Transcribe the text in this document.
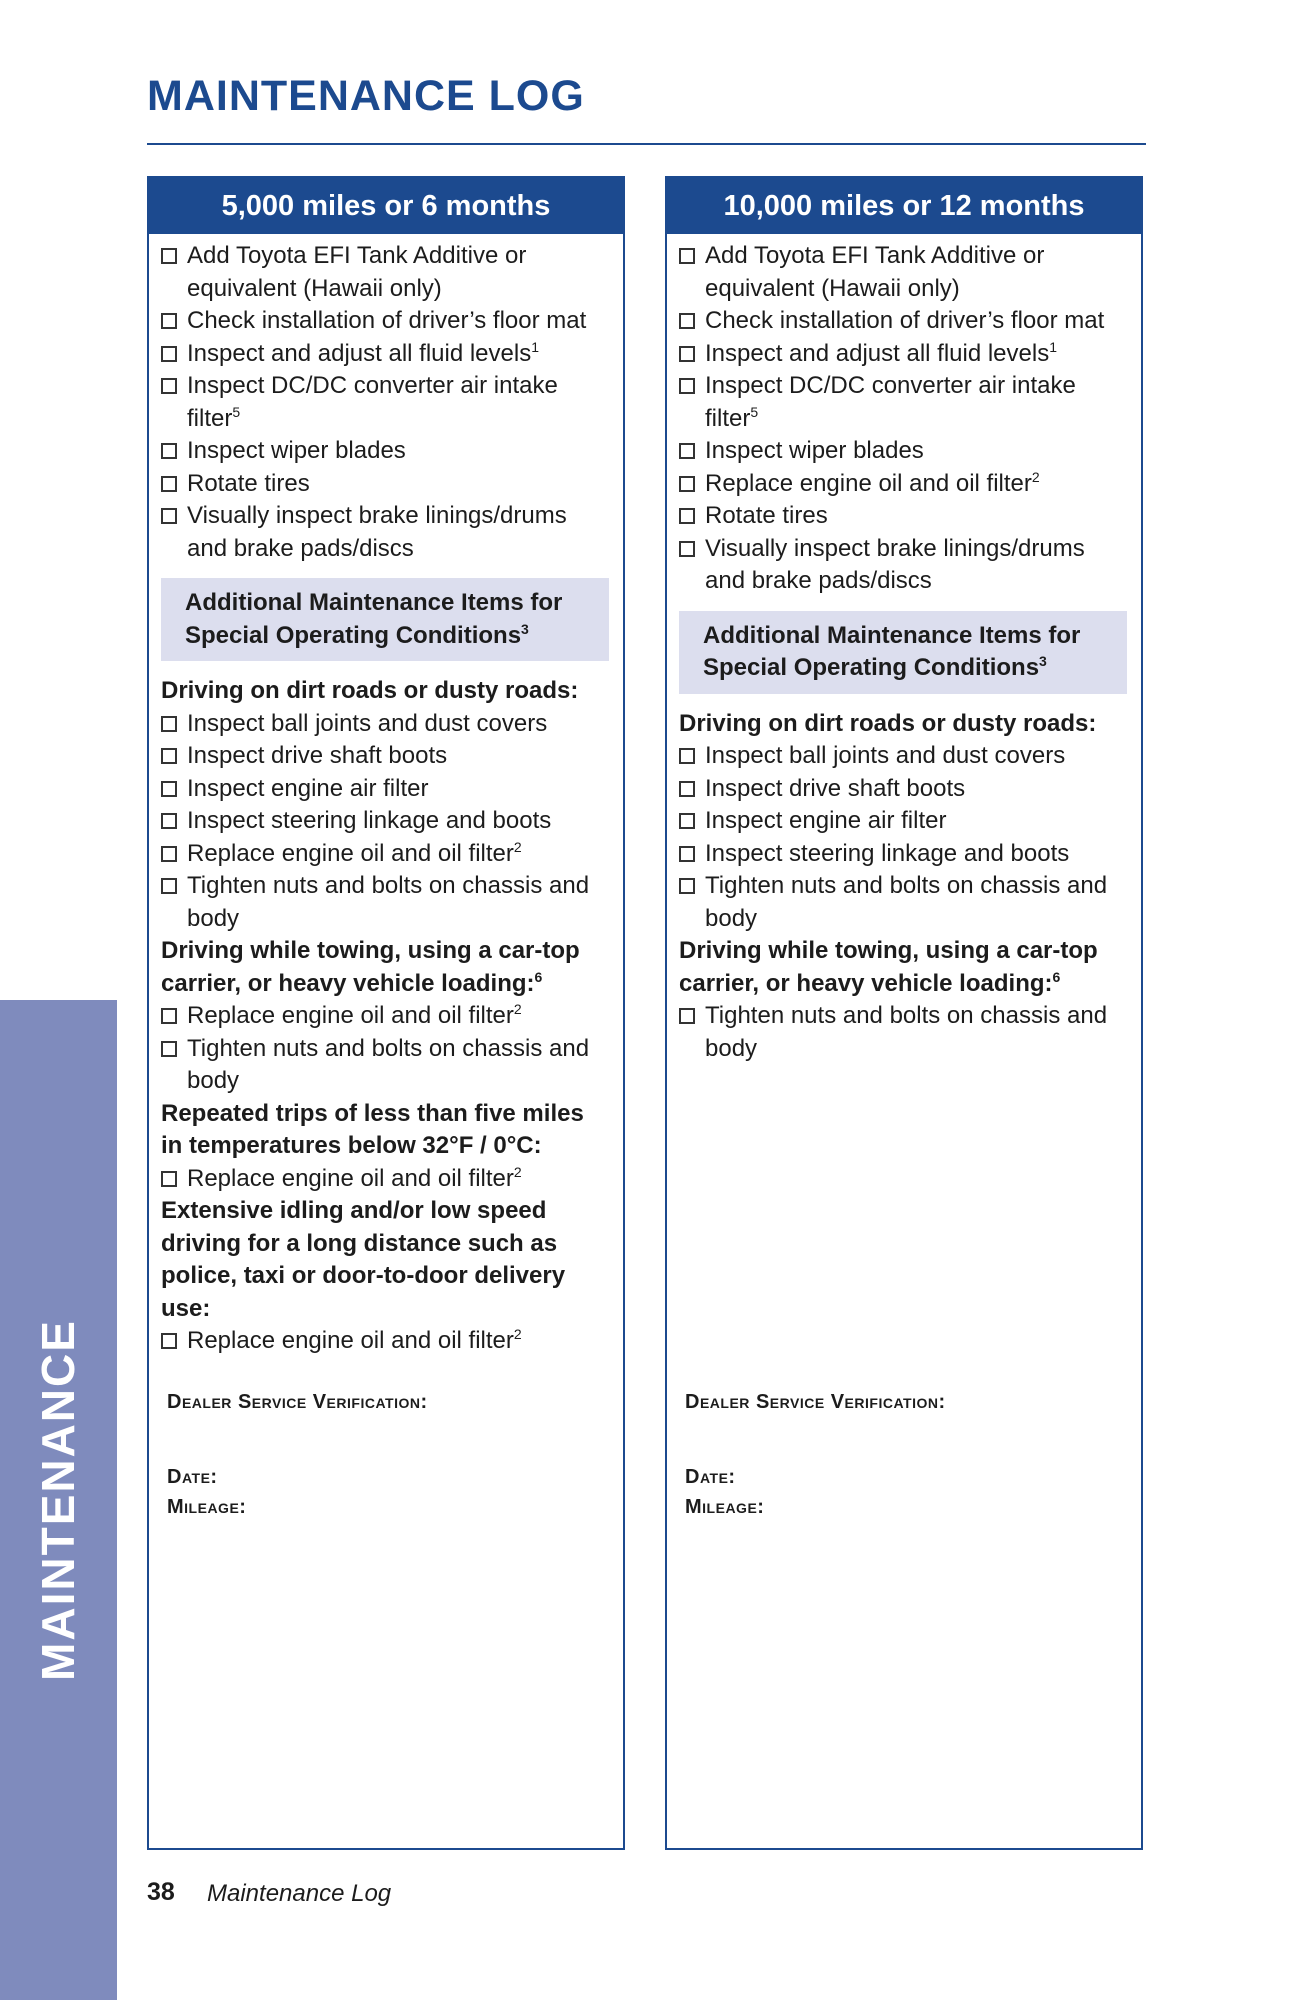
MAINTENANCE LOG
MAINTENANCE
5,000 miles or 6 months
Add Toyota EFI Tank Additive or equivalent (Hawaii only)
Check installation of driver’s floor mat
Inspect and adjust all fluid levels$^1$
Inspect DC/DC converter air intake filter$^5$
Inspect wiper blades
Rotate tires
Visually inspect brake linings/drums and brake pads/discs
Additional Maintenance Items for
Special Operating Conditions$^3$
Driving on dirt roads or dusty roads:
Inspect ball joints and dust covers
Inspect drive shaft boots
Inspect engine air filter
Inspect steering linkage and boots
Replace engine oil and oil filter$^2$
Tighten nuts and bolts on chassis and body
Driving while towing, using a car-top carrier, or heavy vehicle loading:$^6$
Replace engine oil and oil filter$^2$
Tighten nuts and bolts on chassis and body
Repeated trips of less than five miles in temperatures below 32°F / 0°C:
Replace engine oil and oil filter$^2$
Extensive idling and/or low speed driving for a long distance such as police, taxi or door-to-door delivery use:
Replace engine oil and oil filter$^2$
Dealer Service Verification:
Date:
Mileage:
10,000 miles or 12 months
Add Toyota EFI Tank Additive or equivalent (Hawaii only)
Check installation of driver’s floor mat
Inspect and adjust all fluid levels$^1$
Inspect DC/DC converter air intake filter$^5$
Inspect wiper blades
Replace engine oil and oil filter$^2$
Rotate tires
Visually inspect brake linings/drums and brake pads/discs
Additional Maintenance Items for
Special Operating Conditions$^3$
Driving on dirt roads or dusty roads:
Inspect ball joints and dust covers
Inspect drive shaft boots
Inspect engine air filter
Inspect steering linkage and boots
Tighten nuts and bolts on chassis and body
Driving while towing, using a car-top carrier, or heavy vehicle loading:$^6$
Tighten nuts and bolts on chassis and body
Dealer Service Verification:
Date:
Mileage:
38 Maintenance Log
